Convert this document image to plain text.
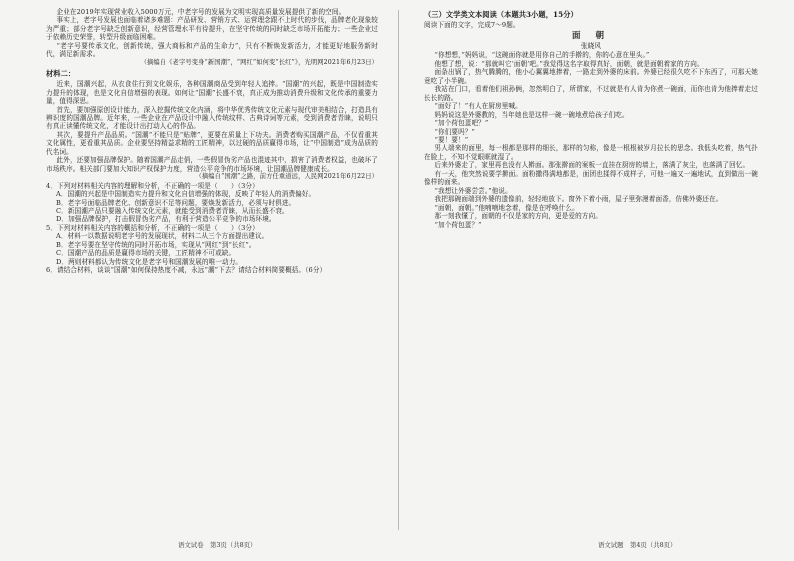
企业在2019年实现营业收入5000万元，中老字号的发展为文明实现高质量发展提供了新的空间。

事实上，老字号发展也面临着诸多难题：产品研发、营销方式、运营理念跟不上时代的步伐，品牌老化现象较为严重；部分老字号缺乏创新意识，经营管理水平有待提升，在坚守传统的同时缺乏市场开拓能力；一些企业过于依赖历史荣誉，转型升级面临困难。

“老字号要传承文化，创新传统，强大商标和产品的生命力”，只有不断焕发新活力，才能更好地服务新时代，满足新需求。

（摘编自《老字号变身“新国潮”，“网红”如何变“长红”》，光明网2021年6月23日）

材料二：

近来，国潮兴起，从衣食住行到文化娱乐，各种国潮商品受到年轻人追捧。“国潮”的兴起，既是中国制造实力提升的体现，也是文化自信增强的表现。如何让“国潮”长盛不衰，真正成为推动消费升级和文化传承的重要力量，值得深思。

首先，要加强原创设计能力，深入挖掘传统文化内涵，将中华优秀传统文化元素与现代审美相结合，打造具有辨识度的国潮品牌。近年来，一些企业在产品设计中融入传统纹样、古典诗词等元素，受到消费者青睐，说明只有真正读懂传统文化，才能设计出打动人心的作品。

其次，要提升产品品质。“国潮”不能只是“贴牌”，更要在质量上下功夫。消费者购买国潮产品，不仅看重其文化属性，更看重其品质。企业要坚持精益求精的工匠精神，以过硬的品质赢得市场，让“中国制造”成为品质的代名词。

此外，还要加强品牌保护。随着国潮产品走俏，一些假冒伪劣产品也混迹其中，损害了消费者权益，也破坏了市场秩序。相关部门要加大知识产权保护力度，营造公平竞争的市场环境，让国潮品牌健康成长。

（摘编自“国潮”之路，前方任重道远，人民网2021年6月22日）

4．下列对材料相关内容的理解和分析，不正确的一项是（　　）（3分）

A．国潮的兴起是中国制造实力提升和文化自信增强的体现，反映了年轻人的消费偏好。

B．老字号面临品牌老化、创新意识不足等问题，要焕发新活力，必须与时俱进。

C．新国潮产品只要融入传统文化元素，就能受到消费者青睐，从而长盛不衰。

D．加强品牌保护，打击假冒伪劣产品，有利于营造公平竞争的市场环境。

5．下列对材料相关内容的概括和分析，不正确的一项是（　　）（3分）

A．材料一以数据说明老字号的发展现状，材料二从三个方面提出建议。

B．老字号要在坚守传统的同时开拓市场，实现从“网红”到“长红”。

C．国潮产品的品质是赢得市场的关键，工匠精神不可或缺。

D．两则材料都认为传统文化是老字号和国潮发展的唯一动力。

6．请结合材料，谈谈“国潮”如何保持热度不减，永远“潮”下去？请结合材料简要概括。（6分）

（三）文学类文本阅读（本题共3小题，15分）

阅读下面的文字，完成7～9题。

面 朝

张晓风

“你想想，”妈妈说，“这碗面你就是用你自己的手擀的，你的心意在里头。”

他想了想，说：“那就叫它‘面朝’吧。”我觉得这名字取得真好，面朝，就是面朝着家的方向。

面条出锅了，热气腾腾的，他小心翼翼地捧着，一路走到外婆的床前。外婆已经很久吃不下东西了，可那天她竟吃了小半碗。

我站在门口，看着他们祖孙俩，忽然明白了，所谓家，不过就是有人肯为你煮一碗面，而你也肯为他捧着走过长长的路。

“面好了！”有人在厨房里喊。

妈妈说这是外婆教的，当年她也是这样一碗一碗地煮给孩子们吃。

“加个荷包蛋吧？”

“你们要吗？”

“要！要！”

男人端来的面里，每一根都是那样的细长，那样的匀称，像是一根根被岁月拉长的思念。我低头吃着，热气扑在脸上，不知不觉眼眶就湿了。

后来外婆走了，家里再也没有人擀面。那张擀面的案板一直挂在厨房的墙上，落满了灰尘，也落满了回忆。

有一天，他突然说要学擀面。面粉撒得满地都是，面团也揉得不成样子，可他一遍又一遍地试，直到做出一碗像样的面来。

“我想让外婆尝尝。”他说。

我把那碗面端到外婆的遗像前，轻轻地放下。窗外下着小雨，屋子里弥漫着面香，仿佛外婆还在。

“面朝，面朝。”他喃喃地念着，像是在呼唤什么。

那一刻我懂了，面朝的不仅是家的方向，更是爱的方向。

“加个荷包蛋？”

语文试卷　第3页（共8页）	语文试题　第4页（共8页）
